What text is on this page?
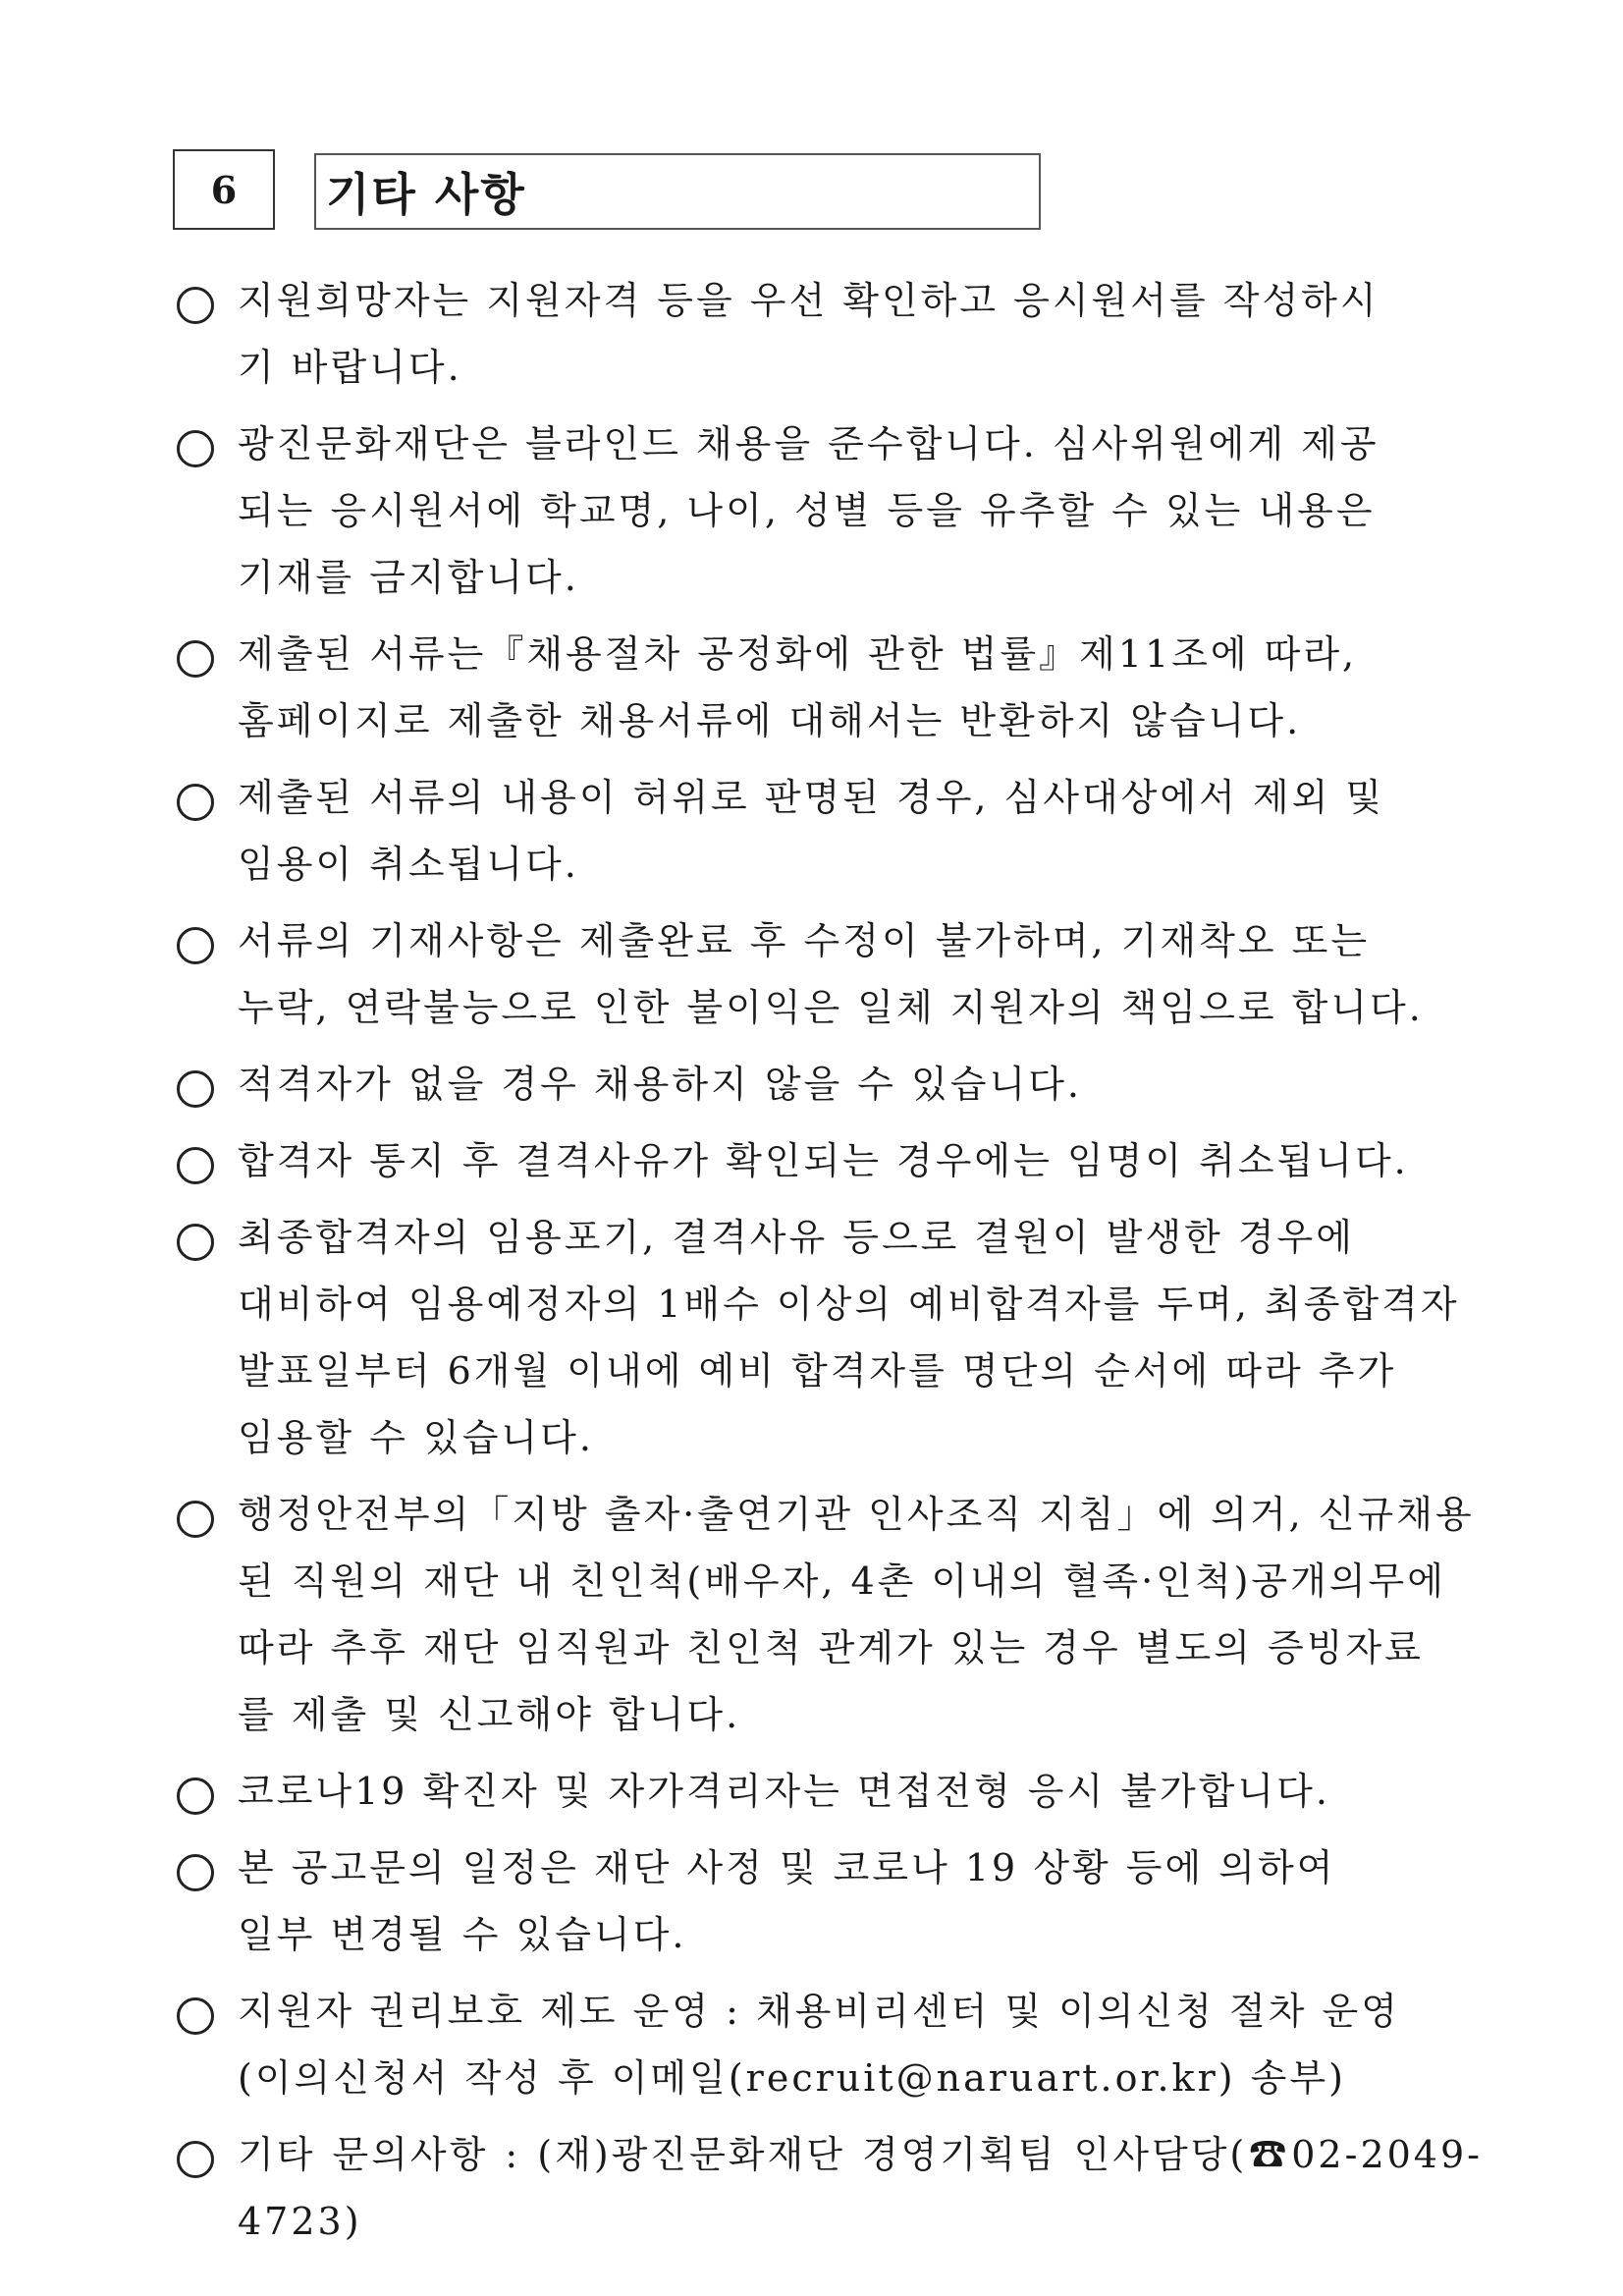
6	기타 사항
지원희망자는 지원자격 등을 우선 확인하고 응시원서를 작성하시
기 바랍니다.
광진문화재단은 블라인드 채용을 준수합니다. 심사위원에게 제공
되는 응시원서에 학교명, 나이, 성별 등을 유추할 수 있는 내용은
기재를 금지합니다.
제출된 서류는『채용절차 공정화에 관한 법률』제11조에 따라,
홈페이지로 제출한 채용서류에 대해서는 반환하지 않습니다.
제출된 서류의 내용이 허위로 판명된 경우, 심사대상에서 제외 및
임용이 취소됩니다.
서류의 기재사항은 제출완료 후 수정이 불가하며, 기재착오 또는
누락, 연락불능으로 인한 불이익은 일체 지원자의 책임으로 합니다.
적격자가 없을 경우 채용하지 않을 수 있습니다.
합격자 통지 후 결격사유가 확인되는 경우에는 임명이 취소됩니다.
최종합격자의 임용포기, 결격사유 등으로 결원이 발생한 경우에
대비하여 임용예정자의 1배수 이상의 예비합격자를 두며, 최종합격자
발표일부터 6개월 이내에 예비 합격자를 명단의 순서에 따라 추가
임용할 수 있습니다.
행정안전부의「지방 출자·출연기관 인사조직 지침」에 의거, 신규채용
된 직원의 재단 내 친인척(배우자, 4촌 이내의 혈족·인척)공개의무에
따라 추후 재단 임직원과 친인척 관계가 있는 경우 별도의 증빙자료
를 제출 및 신고해야 합니다.
코로나19 확진자 및 자가격리자는 면접전형 응시 불가합니다.
본 공고문의 일정은 재단 사정 및 코로나 19 상황 등에 의하여
일부 변경될 수 있습니다.
지원자 권리보호 제도 운영 : 채용비리센터 및 이의신청 절차 운영
(이의신청서 작성 후 이메일(recruit@naruart.or.kr) 송부)
기타 문의사항 : (재)광진문화재단 경영기획팀 인사담당(☎02-2049-4723)
